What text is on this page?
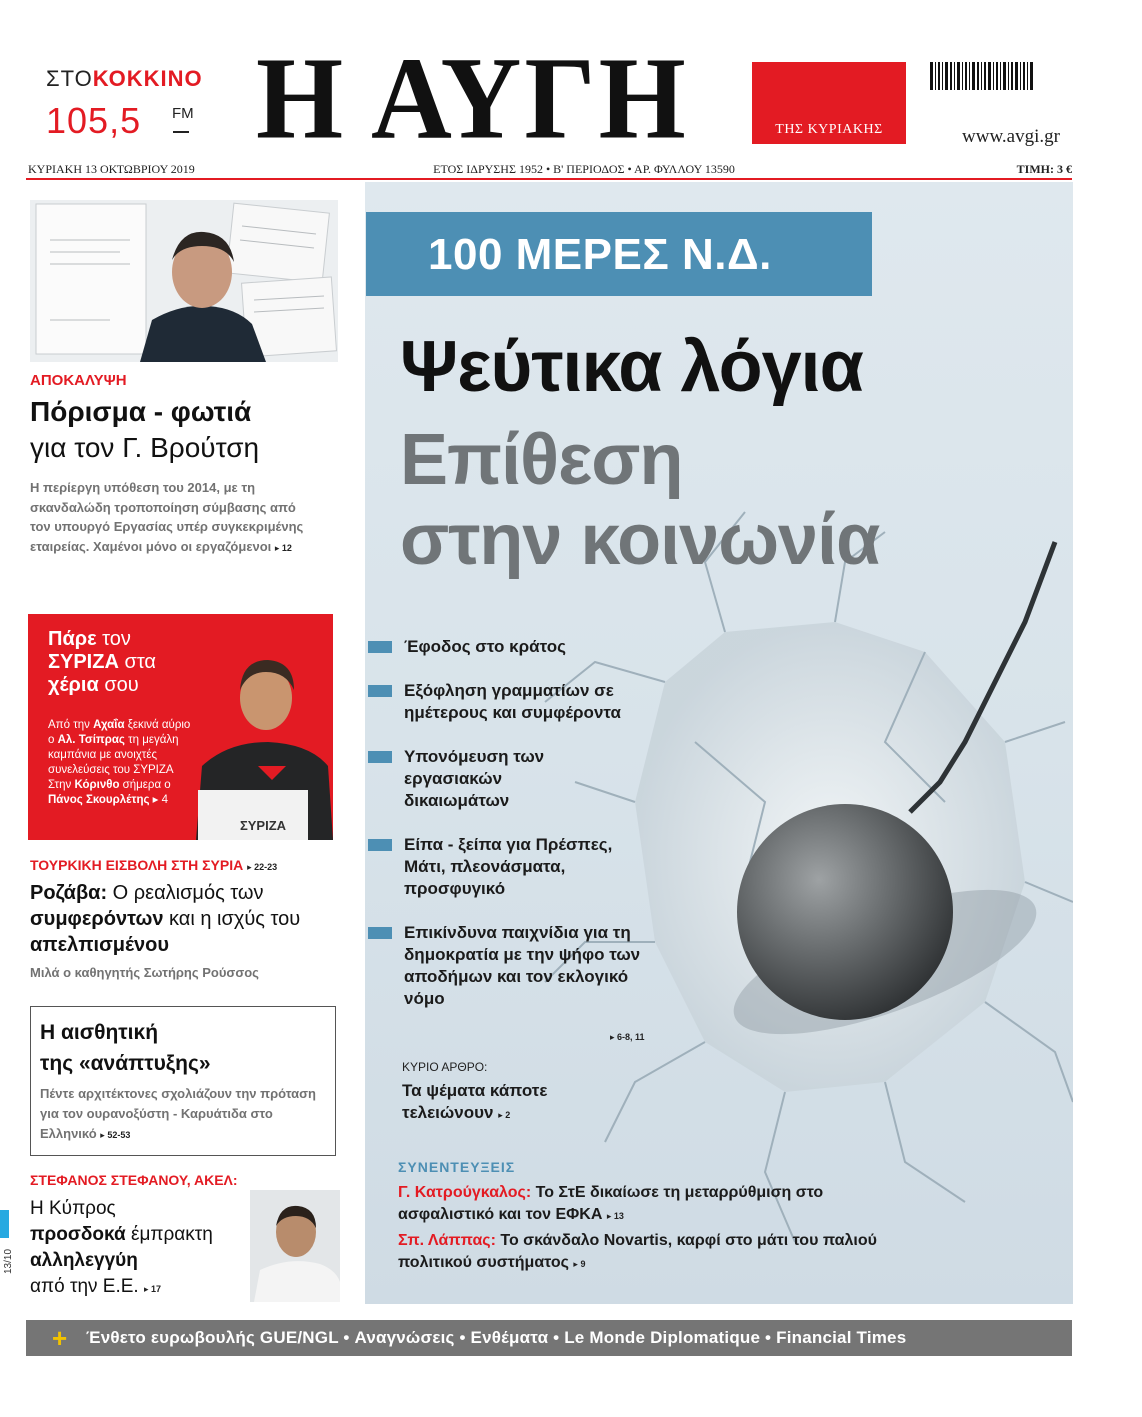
ΣΤΟΚΟΚΚΙΝΟ
105,5 FM Η ΑΥΓΗ	ΤΗΣ ΚΥΡΙΑΚΗΣ	www.avgi.gr
ΚΥΡΙΑΚΗ 13 ΟΚΤΩΒΡΙΟΥ 2019	ΕΤΟΣ ΙΔΡΥΣΗΣ 1952 • Β' ΠΕΡΙΟΔΟΣ • ΑΡ. ΦΥΛΛΟΥ 13590	ΤΙΜΗ: 3 €
100 ΜΕΡΕΣ Ν.Δ.
Ψεύτικα λόγια
Επίθεση
στην κοινωνία
Έφοδος στο κράτος
Εξόφληση γραμματίων σε ημέτερους και συμφέροντα
Υπονόμευση των εργασιακών δικαιωμάτων
Είπα - ξείπα για Πρέσπες, Μάτι, πλεονάσματα, προσφυγικό
Επικίνδυνα παιχνίδια για τη δημοκρατία με την ψήφο των αποδήμων και τον εκλογικό νόμο
▸ 6-8, 11
ΚΥΡΙΟ ΑΡΘΡΟ:
Τα ψέματα κάποτε
τελειώνουν ▸ 2
ΣΥΝΕΝΤΕΥΞΕΙΣ
Γ. Κατρούγκαλος: Το ΣτΕ δικαίωσε τη μεταρρύθμιση στο ασφαλιστικό και τον ΕΦΚΑ ▸ 13
Σπ. Λάππας: Το σκάνδαλο Novartis, καρφί στο μάτι του παλιού πολιτικού συστήματος ▸ 9
ΑΠΟΚΑΛΥΨΗ
Πόρισμα - φωτιά
για τον Γ. Βρούτση
Η περίεργη υπόθεση του 2014, με τη σκανδαλώδη τροποποίηση σύμβασης από τον υπουργό Εργασίας υπέρ συγκεκριμένης εταιρείας. Χαμένοι μόνο οι εργαζόμενοι ▸ 12
Πάρε τον
ΣΥΡΙΖΑ στα
χέρια σου
Από την Αχαΐα ξεκινά αύριο ο Αλ. Τσίπρας τη μεγάλη καμπάνια με ανοιχτές συνελεύσεις του ΣΥΡΙΖΑ Στην Κόρινθο σήμερα ο Πάνος Σκουρλέτης ▸ 4
ΣΥΡΙΖΑ
ΤΟΥΡΚΙΚΗ ΕΙΣΒΟΛΗ ΣΤΗ ΣΥΡΙΑ ▸ 22-23
Ροζάβα: Ο ρεαλισμός των συμφερόντων και η ισχύς του απελπισμένου
Μιλά ο καθηγητής Σωτήρης Ρούσσος
Η αισθητική
της «ανάπτυξης»
Πέντε αρχιτέκτονες σχολιάζουν την πρόταση για τον ουρανοξύστη - Καρυάτιδα στο Ελληνικό ▸ 52-53
ΣΤΕΦΑΝΟΣ ΣΤΕΦΑΝΟΥ, ΑΚΕΛ:
Η Κύπρος
προσδοκά έμπρακτη
αλληλεγγύη
από την Ε.Ε. ▸ 17
13/10
+ Ένθετο ευρωβουλής GUE/NGL • Αναγνώσεις • Ενθέματα • Le Monde Diplomatique • Financial Times
